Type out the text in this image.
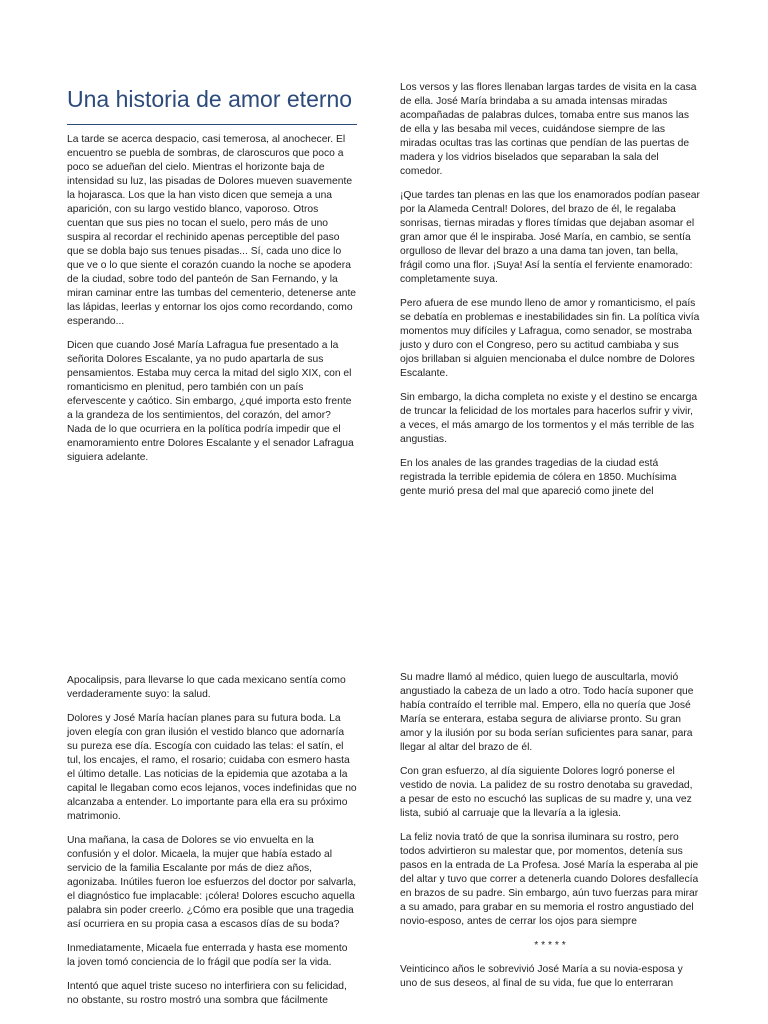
Una historia de amor eterno

La tarde se acerca despacio, casi temerosa, al anochecer. El encuentro se puebla de sombras, de claroscuros que poco a poco se adueñan del cielo. Mientras el horizonte baja de intensidad su luz, las pisadas de Dolores mueven suavemente la hojarasca. Los que la han visto dicen que semeja a una aparición, con su largo vestido blanco, vaporoso. Otros cuentan que sus pies no tocan el suelo, pero más de uno suspira al recordar el rechinido apenas perceptible del paso que se dobla bajo sus tenues pisadas... Sí, cada uno dice lo que ve o lo que siente el corazón cuando la noche se apodera de la ciudad, sobre todo del panteón de San Fernando, y la miran caminar entre las tumbas del cementerio, detenerse ante las lápidas, leerlas y entornar los ojos como recordando, como esperando...

Dicen que cuando José María Lafragua fue presentado a la señorita Dolores Escalante, ya no pudo apartarla de sus pensamientos. Estaba muy cerca la mitad del siglo XIX, con el romanticismo en plenitud, pero también con un país efervescente y caótico. Sin embargo, ¿qué importa esto frente a la grandeza de los sentimientos, del corazón, del amor? Nada de lo que ocurriera en la política podría impedir que el enamoramiento entre Dolores Escalante y el senador Lafragua siguiera adelante.

Los versos y las flores llenaban largas tardes de visita en la casa de ella. José María brindaba a su amada intensas miradas acompañadas de palabras dulces, tomaba entre sus manos las de ella y las besaba mil veces, cuidándose siempre de las miradas ocultas tras las cortinas que pendían de las puertas de madera y los vidrios biselados que separaban la sala del comedor.

¡Que tardes tan plenas en las que los enamorados podían pasear por la Alameda Central! Dolores, del brazo de él, le regalaba sonrisas, tiernas miradas y flores tímidas que dejaban asomar el gran amor que él le inspiraba. José María, en cambio, se sentía orgulloso de llevar del brazo a una dama tan joven, tan bella, frágil como una flor. ¡Suya! Así la sentía el ferviente enamorado: completamente suya.

Pero afuera de ese mundo lleno de amor y romanticismo, el país se debatía en problemas e inestabilidades sin fin. La política vivía momentos muy difíciles y Lafragua, como senador, se mostraba justo y duro con el Congreso, pero su actitud cambiaba y sus ojos brillaban si alguien mencionaba el dulce nombre de Dolores Escalante.

Sin embargo, la dicha completa no existe y el destino se encarga de truncar la felicidad de los mortales para hacerlos sufrir y vivir, a veces, el más amargo de los tormentos y el más terrible de las angustias.

En los anales de las grandes tragedias de la ciudad está registrada la terrible epidemia de cólera en 1850. Muchísima gente murió presa del mal que apareció como jinete del

Apocalipsis, para llevarse lo que cada mexicano sentía como verdaderamente suyo: la salud.

Dolores y José María hacían planes para su futura boda. La joven elegía con gran ilusión el vestido blanco que adornaría su pureza ese día. Escogía con cuidado las telas: el satín, el tul, los encajes, el ramo, el rosario; cuidaba con esmero hasta el último detalle. Las noticias de la epidemia que azotaba a la capital le llegaban como ecos lejanos, voces indefinidas que no alcanzaba a entender. Lo importante para ella era su próximo matrimonio.

Una mañana, la casa de Dolores se vio envuelta en la confusión y el dolor. Micaela, la mujer que había estado al servicio de la familia Escalante por más de diez años, agonizaba. Inútiles fueron loe esfuerzos del doctor por salvarla, el diagnóstico fue implacable: ¡cólera! Dolores escucho aquella palabra sin poder creerlo. ¿Cómo era posible que una tragedia así ocurriera en su propia casa a escasos días de su boda?

Inmediatamente, Micaela fue enterrada y hasta ese momento la joven tomó conciencia de lo frágil que podía ser la vida.

Intentó que aquel triste suceso no interfiriera con su felicidad, no obstante, su rostro mostró una sombra que fácilmente

Su madre llamó al médico, quien luego de auscultarla, movió angustiado la cabeza de un lado a otro. Todo hacía suponer que había contraído el terrible mal. Empero, ella no quería que José María se enterara, estaba segura de aliviarse pronto. Su gran amor y la ilusión por su boda serían suficientes para sanar, para llegar al altar del brazo de él.

Con gran esfuerzo, al día siguiente Dolores logró ponerse el vestido de novia. La palidez de su rostro denotaba su gravedad, a pesar de esto no escuchó las suplicas de su madre y, una vez lista, subió al carruaje que la llevaría a la iglesia.

La feliz novia trató de que la sonrisa iluminara su rostro, pero todos advirtieron su malestar que, por momentos, detenía sus pasos en la entrada de La Profesa. José María la esperaba al pie del altar y tuvo que correr a detenerla cuando Dolores desfallecía en brazos de su padre. Sin embargo, aún tuvo fuerzas para mirar a su amado, para grabar en su memoria el rostro angustiado del novio-esposo, antes de cerrar los ojos para siempre

* * * * *

Veinticinco años le sobrevivió José María a su novia-esposa y uno de sus deseos, al final de su vida, fue que lo enterraran
